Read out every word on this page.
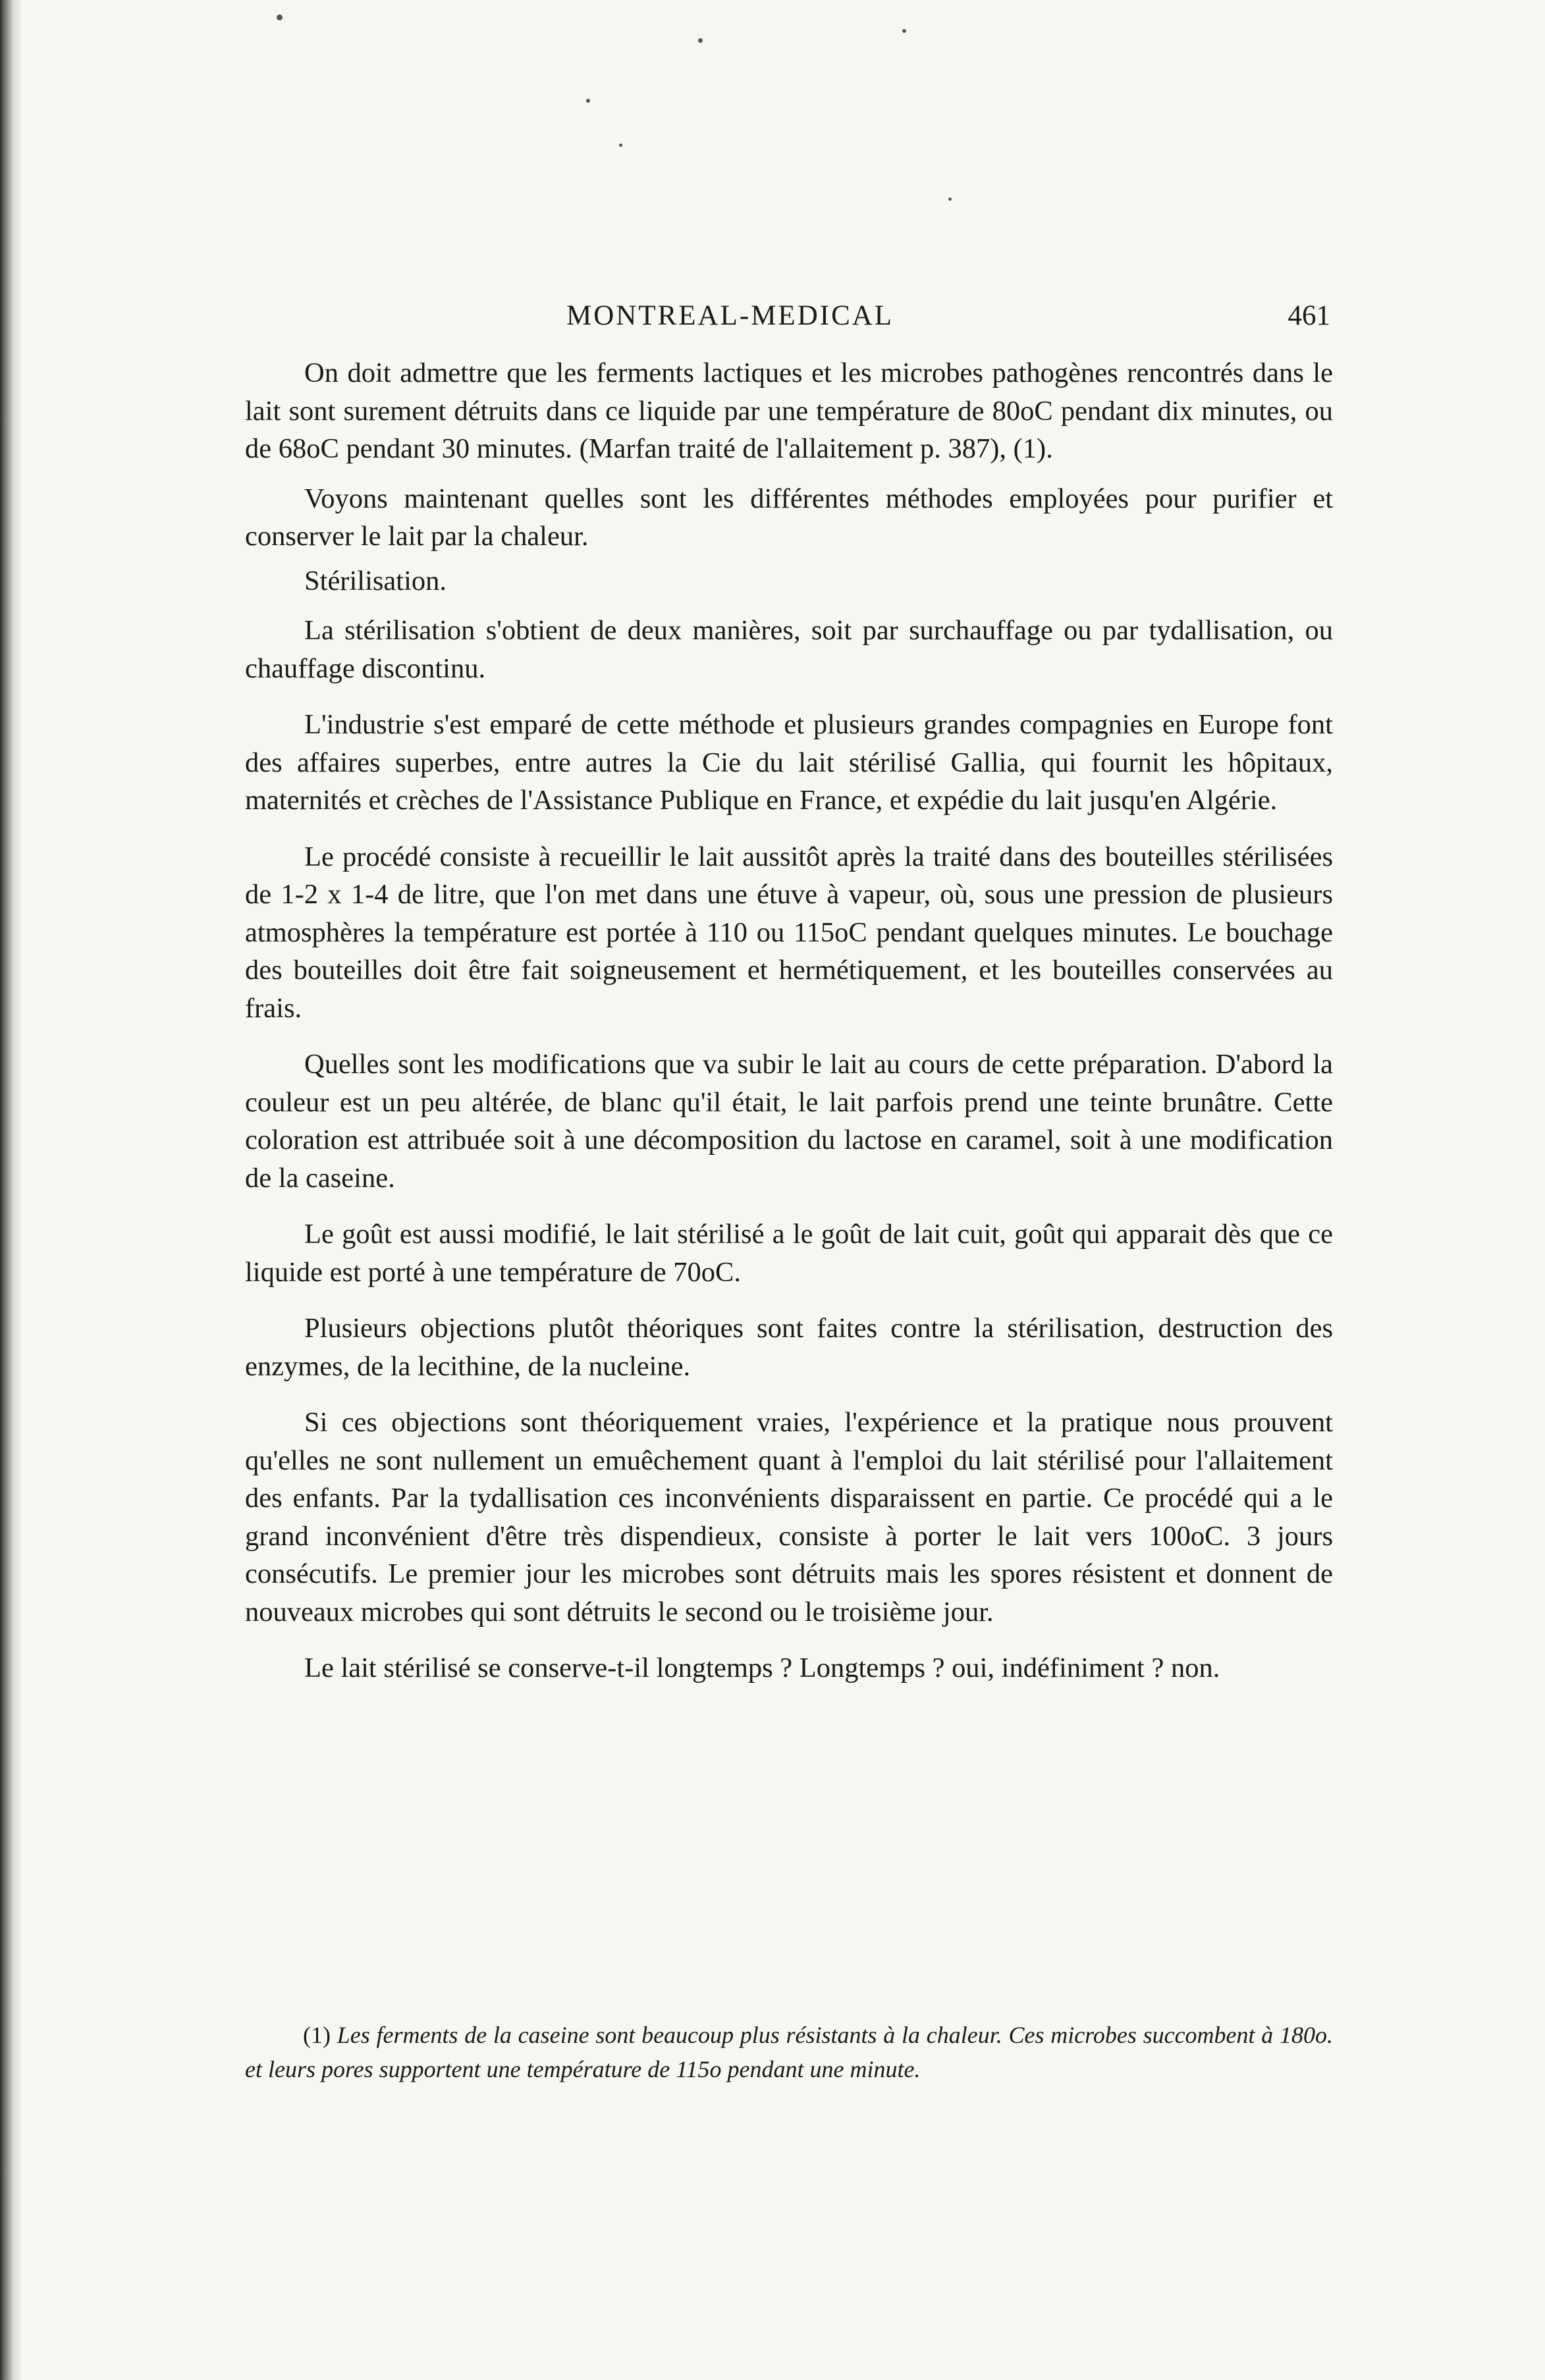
MONTREAL-MEDICAL	461

On doit admettre que les ferments lactiques et les microbes pathogènes rencontrés dans le lait sont surement détruits dans ce liquide par une température de 80oC pendant dix minutes, ou de 68oC pendant 30 minutes. (Marfan traité de l'allaitement p. 387), (1).

Voyons maintenant quelles sont les différentes méthodes employées pour purifier et conserver le lait par la chaleur.

Stérilisation.

La stérilisation s'obtient de deux manières, soit par surchauffage ou par tydallisation, ou chauffage discontinu.

L'industrie s'est emparé de cette méthode et plusieurs grandes compagnies en Europe font des affaires superbes, entre autres la Cie du lait stérilisé Gallia, qui fournit les hôpitaux, maternités et crèches de l'Assistance Publique en France, et expédie du lait jusqu'en Algérie.

Le procédé consiste à recueillir le lait aussitôt après la traité dans des bouteilles stérilisées de 1-2 x 1-4 de litre, que l'on met dans une étuve à vapeur, où, sous une pression de plusieurs atmosphères la température est portée à 110 ou 115oC pendant quelques minutes. Le bouchage des bouteilles doit être fait soigneusement et hermétiquement, et les bouteilles conservées au frais.

Quelles sont les modifications que va subir le lait au cours de cette préparation. D'abord la couleur est un peu altérée, de blanc qu'il était, le lait parfois prend une teinte brunâtre. Cette coloration est attribuée soit à une décomposition du lactose en caramel, soit à une modification de la caseine.

Le goût est aussi modifié, le lait stérilisé a le goût de lait cuit, goût qui apparait dès que ce liquide est porté à une température de 70oC.

Plusieurs objections plutôt théoriques sont faites contre la stérilisation, destruction des enzymes, de la lecithine, de la nucleine.

Si ces objections sont théoriquement vraies, l'expérience et la pratique nous prouvent qu'elles ne sont nullement un emuêchement quant à l'emploi du lait stérilisé pour l'allaitement des enfants. Par la tydallisation ces inconvénients disparaissent en partie. Ce procédé qui a le grand inconvénient d'être très dispendieux, consiste à porter le lait vers 100oC. 3 jours consécutifs. Le premier jour les microbes sont détruits mais les spores résistent et donnent de nouveaux microbes qui sont détruits le second ou le troisième jour.

Le lait stérilisé se conserve-t-il longtemps ? Longtemps ? oui, indéfiniment ? non.

(1) Les ferments de la caseine sont beaucoup plus résistants à la chaleur. Ces microbes succombent à 180o. et leurs pores supportent une température de 115o pendant une minute.
